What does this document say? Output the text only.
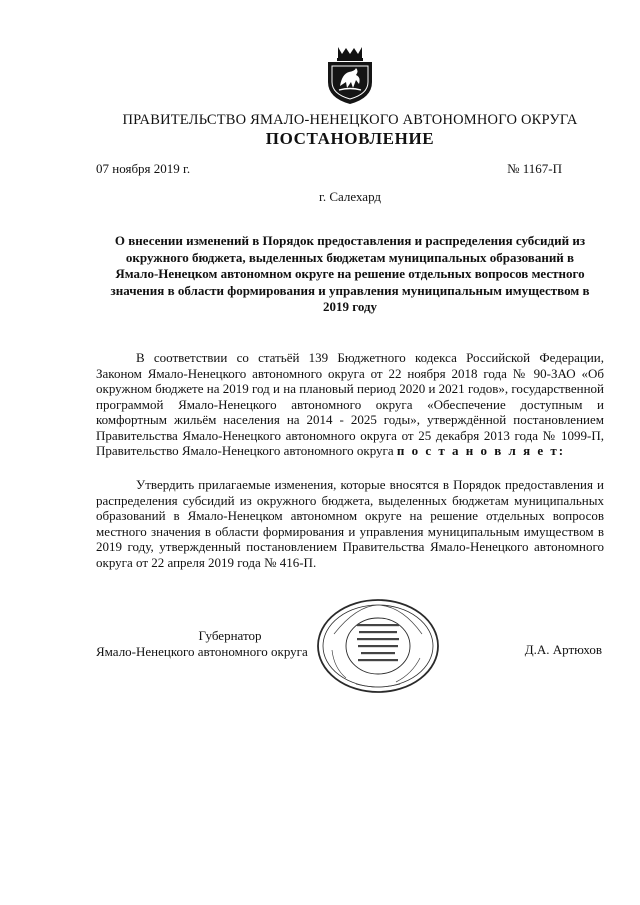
ПРАВИТЕЛЬСТВО ЯМАЛО-НЕНЕЦКОГО АВТОНОМНОГО ОКРУГА
ПОСТАНОВЛЕНИЕ
07 ноября 2019 г.	№ 1167-П
г. Салехард
О внесении изменений в Порядок предоставления и распределения субсидий из окружного бюджета, выделенных бюджетам муниципальных образований в Ямало-Ненецком автономном округе на решение отдельных вопросов местного значения в области формирования и управления муниципальным имуществом в 2019 году

В соответствии со статьёй 139 Бюджетного кодекса Российской Федерации, Законом Ямало-Ненецкого автономного округа от 22 ноября 2018 года № 90-ЗАО «Об окружном бюджете на 2019 год и на плановый период 2020 и 2021 годов», государственной программой Ямало-Ненецкого автономного округа «Обеспечение доступным и комфортным жильём населения на 2014 - 2025 годы», утверждённой постановлением Правительства Ямало-Ненецкого автономного округа от 25 декабря 2013 года № 1099-П, Правительство Ямало-Ненецкого автономного округа п о с т а н о в л я е т:

Утвердить прилагаемые изменения, которые вносятся в Порядок предоставления и распределения субсидий из окружного бюджета, выделенных бюджетам муниципальных образований в Ямало-Ненецком автономном округе на решение отдельных вопросов местного значения в области формирования и управления муниципальным имуществом в 2019 году, утвержденный постановлением Правительства Ямало-Ненецкого автономного округа от 22 апреля 2019 года № 416-П.

Губернатор
Ямало-Ненецкого автономного округа	Д.А. Артюхов
